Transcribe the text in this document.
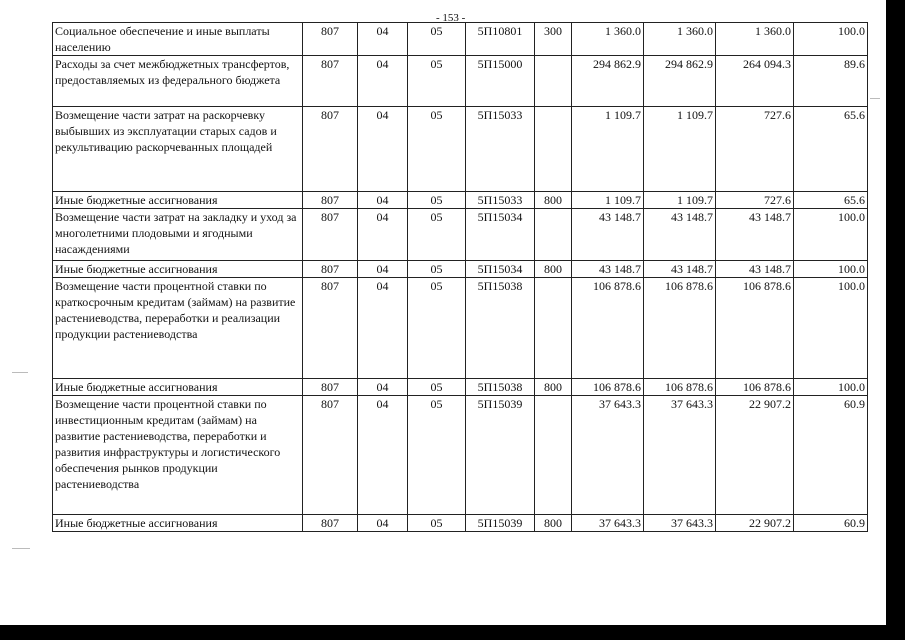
- 153 -
Социальное обеспечение и иные выплаты населению	807	04	05	5П10801	300	1 360.0	1 360.0	1 360.0	100.0
Расходы за счет межбюджетных трансфертов, предоставляемых из федерального бюджета	807	04	05	5П15000		294 862.9	294 862.9	264 094.3	89.6
Возмещение части затрат на раскорчевку выбывших из эксплуатации старых садов и рекультивацию раскорчеванных площадей	807	04	05	5П15033		1 109.7	1 109.7	727.6	65.6
Иные бюджетные ассигнования	807	04	05	5П15033	800	1 109.7	1 109.7	727.6	65.6
Возмещение части затрат на закладку и уход за многолетними плодовыми и ягодными насаждениями	807	04	05	5П15034		43 148.7	43 148.7	43 148.7	100.0
Иные бюджетные ассигнования	807	04	05	5П15034	800	43 148.7	43 148.7	43 148.7	100.0
Возмещение части процентной ставки по краткосрочным кредитам (займам) на развитие растениеводства, переработки и реализации продукции растениеводства	807	04	05	5П15038		106 878.6	106 878.6	106 878.6	100.0
Иные бюджетные ассигнования	807	04	05	5П15038	800	106 878.6	106 878.6	106 878.6	100.0
Возмещение части процентной ставки по инвестиционным кредитам (займам) на развитие растениеводства, переработки и развития инфраструктуры и логистического обеспечения рынков продукции растениеводства	807	04	05	5П15039		37 643.3	37 643.3	22 907.2	60.9
Иные бюджетные ассигнования	807	04	05	5П15039	800	37 643.3	37 643.3	22 907.2	60.9
